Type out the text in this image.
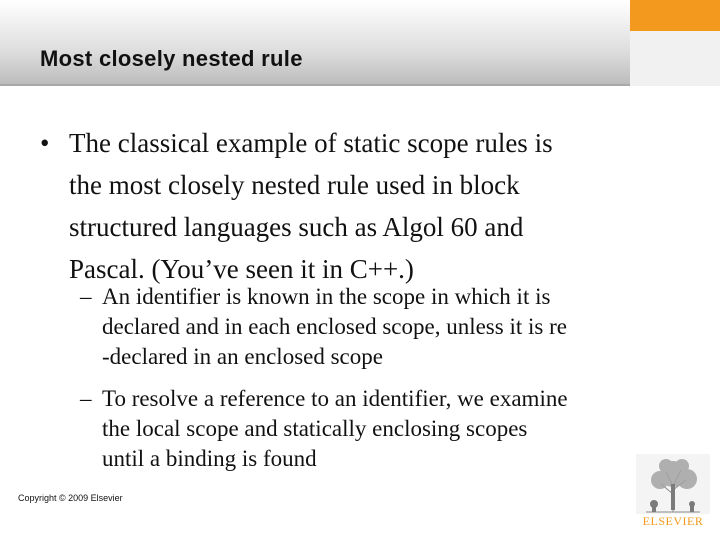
Most closely nested rule
• The classical example of static scope rules is
the most closely nested rule used in block
structured languages such as Algol 60 and
Pascal. (You’ve seen it in C++.)
– An identifier is known in the scope in which it is
declared and in each enclosed scope, unless it is re
-declared in an enclosed scope
– To resolve a reference to an identifier, we examine
the local scope and statically enclosing scopes
until a binding is found
Copyright © 2009 Elsevier
ELSEVIER
